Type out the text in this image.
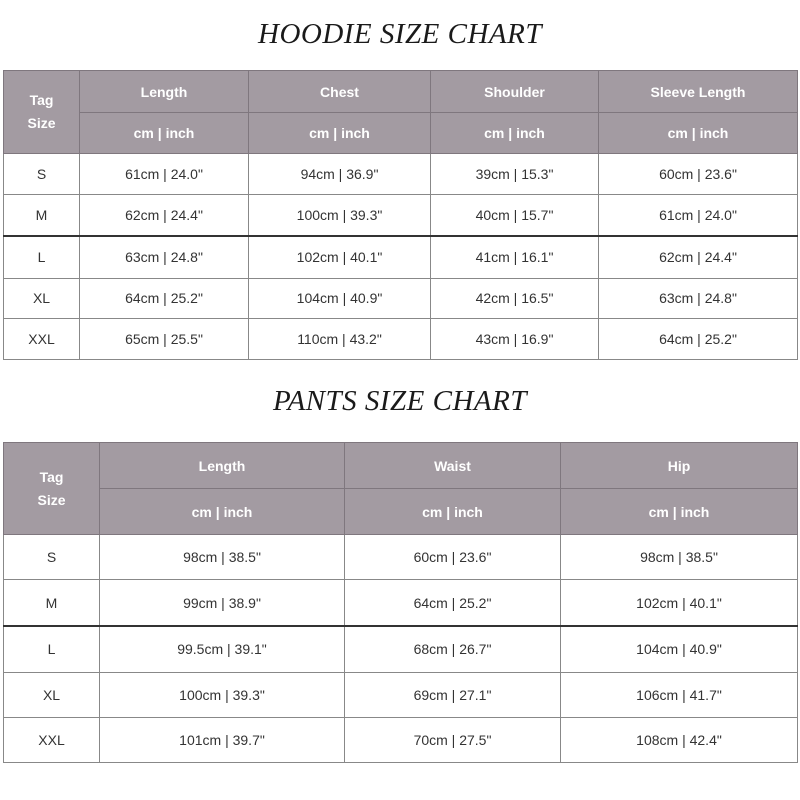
HOODIE SIZE CHART
Tag
Size	Length	Chest	Shoulder	Sleeve Length
	cm | inch	cm | inch	cm | inch	cm | inch
S	61cm | 24.0"	94cm | 36.9"	39cm | 15.3"	60cm | 23.6"
M	62cm | 24.4"	100cm | 39.3"	40cm | 15.7"	61cm | 24.0"
L	63cm | 24.8"	102cm | 40.1"	41cm | 16.1"	62cm | 24.4"
XL	64cm | 25.2"	104cm | 40.9"	42cm | 16.5"	63cm | 24.8"
XXL	65cm | 25.5"	110cm | 43.2"	43cm | 16.9"	64cm | 25.2"
PANTS SIZE CHART
Tag
Size	Length	Waist	Hip
	cm | inch	cm | inch	cm | inch
S	98cm | 38.5"	60cm | 23.6"	98cm | 38.5"
M	99cm | 38.9"	64cm | 25.2"	102cm | 40.1"
L	99.5cm | 39.1"	68cm | 26.7"	104cm | 40.9"
XL	100cm | 39.3"	69cm | 27.1"	106cm | 41.7"
XXL	101cm | 39.7"	70cm | 27.5"	108cm | 42.4"
